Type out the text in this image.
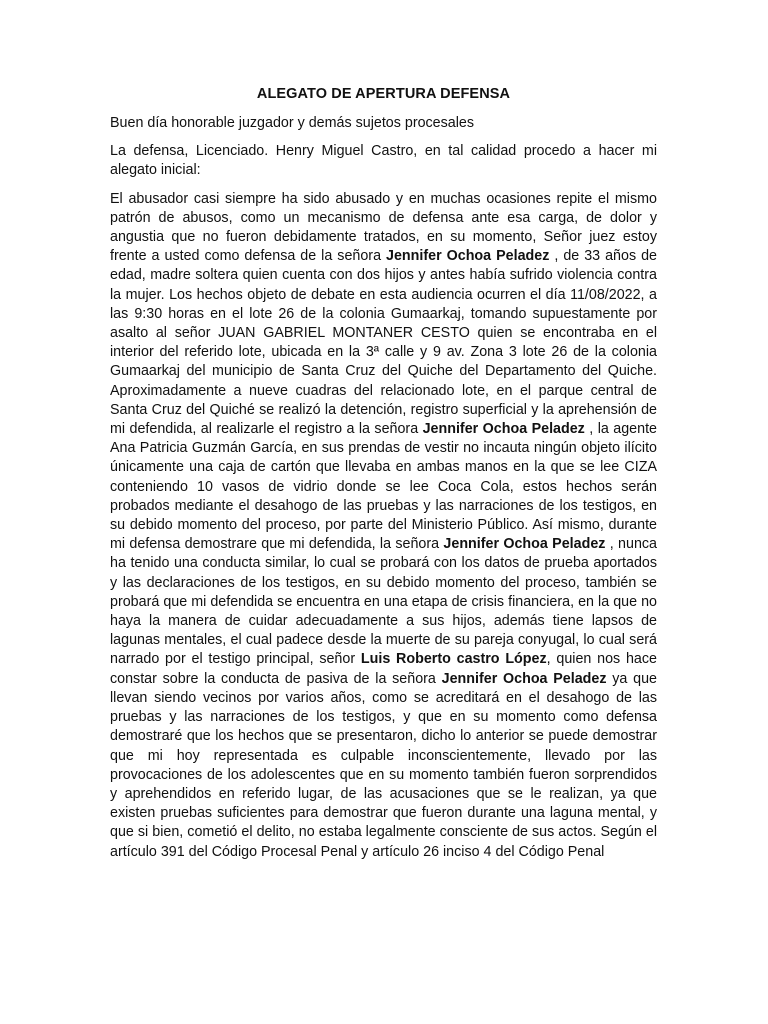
ALEGATO DE APERTURA DEFENSA

Buen día honorable juzgador y demás sujetos procesales

La defensa, Licenciado. Henry Miguel Castro, en tal calidad procedo a hacer mi alegato inicial:

El abusador casi siempre ha sido abusado y en muchas ocasiones repite el mismo patrón de abusos, como un mecanismo de defensa ante esa carga, de dolor y angustia que no fueron debidamente tratados, en su momento, Señor juez estoy frente a usted como defensa de la señora Jennifer Ochoa Peladez , de 33 años de edad, madre soltera quien cuenta con dos hijos y antes había sufrido violencia contra la mujer. Los hechos objeto de debate en esta audiencia ocurren el día 11/08/2022, a las 9:30 horas en el lote 26 de la colonia Gumaarkaj, tomando supuestamente por asalto al señor JUAN GABRIEL MONTANER CESTO quien se encontraba en el interior del referido lote, ubicada en la 3ª calle y 9 av. Zona 3 lote 26 de la colonia Gumaarkaj del municipio de Santa Cruz del Quiche del Departamento del Quiche. Aproximadamente a nueve cuadras del relacionado lote, en el parque central de Santa Cruz del Quiché se realizó la detención, registro superficial y la aprehensión de mi defendida, al realizarle el registro a la señora Jennifer Ochoa Peladez , la agente Ana Patricia Guzmán García, en sus prendas de vestir no incauta ningún objeto ilícito únicamente una caja de cartón que llevaba en ambas manos en la que se lee CIZA conteniendo 10 vasos de vidrio donde se lee Coca Cola, estos hechos serán probados mediante el desahogo de las pruebas y las narraciones de los testigos, en su debido momento del proceso, por parte del Ministerio Público. Así mismo, durante mi defensa demostrare que mi defendida, la señora Jennifer Ochoa Peladez , nunca ha tenido una conducta similar, lo cual se probará con los datos de prueba aportados y las declaraciones de los testigos, en su debido momento del proceso, también se probará que mi defendida se encuentra en una etapa de crisis financiera, en la que no haya la manera de cuidar adecuadamente a sus hijos, además tiene lapsos de lagunas mentales, el cual padece desde la muerte de su pareja conyugal, lo cual será narrado por el testigo principal, señor Luis Roberto castro López, quien nos hace constar sobre la conducta de pasiva de la señora Jennifer Ochoa Peladez ya que llevan siendo vecinos por varios años, como se acreditará en el desahogo de las pruebas y las narraciones de los testigos, y que en su momento como defensa demostraré que los hechos que se presentaron, dicho lo anterior se puede demostrar que mi hoy representada es culpable inconscientemente, llevado por las provocaciones de los adolescentes que en su momento también fueron sorprendidos y aprehendidos en referido lugar, de las acusaciones que se le realizan, ya que existen pruebas suficientes para demostrar que fueron durante una laguna mental, y que si bien, cometió el delito, no estaba legalmente consciente de sus actos. Según el artículo 391 del Código Procesal Penal y artículo 26 inciso 4 del Código Penal
